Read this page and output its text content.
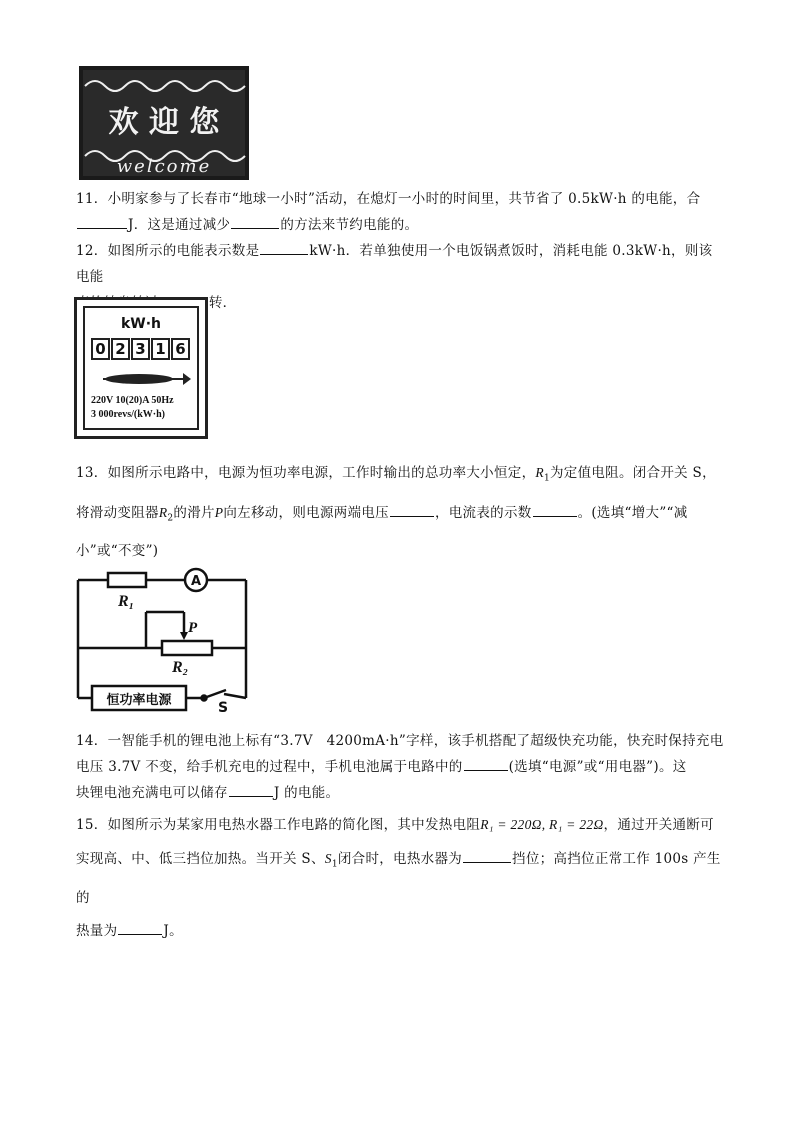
欢 迎 您
welcome
11．小明家参与了长春市“地球一小时”活动，在熄灯一小时的时间里，共节省了 0.5kW·h 的电能，合
J．这是通过减少	的方法来节约电能的。
12．如图所示的电能表示数是	kW·h．若单独使用一个电饭锅煮饭时，消耗电能 0.3kW·h，则该电能
转．
kW·h
0 2 3 1 6
220V 10(20)A 50Hz
3 000revs/(kW·h)
13．如图所示电路中，电源为恒功率电源，工作时输出的总功率大小恒定，$R_1$为定值电阻。闭合开关 S，
将滑动变阻器$R_2$的滑片P向左移动，则电源两端电压	，电流表的示数	。(选填“增大”“减
小”或“不变”)
A
R₁
P
R₂
恒功率电源	S
14．一智能手机的锂电池上标有“3.7V　4200mA·h”字样，该手机搭配了超级快充功能，快充时保持充电
电压 3.7V 不变，给手机充电的过程中，手机电池属于电路中的	(选填“电源”或“用电器”)。这
块锂电池充满电可以储存	J 的电能。
15．如图所示为某家用电热水器工作电路的简化图，其中发热电阻R₁ = 220Ω, R₁ = 22Ω，通过开关通断可
实现高、中、低三挡位加热。当开关 S、$S_1$闭合时，电热水器为	挡位；高挡位正常工作 100s 产生的
热量为	J。
